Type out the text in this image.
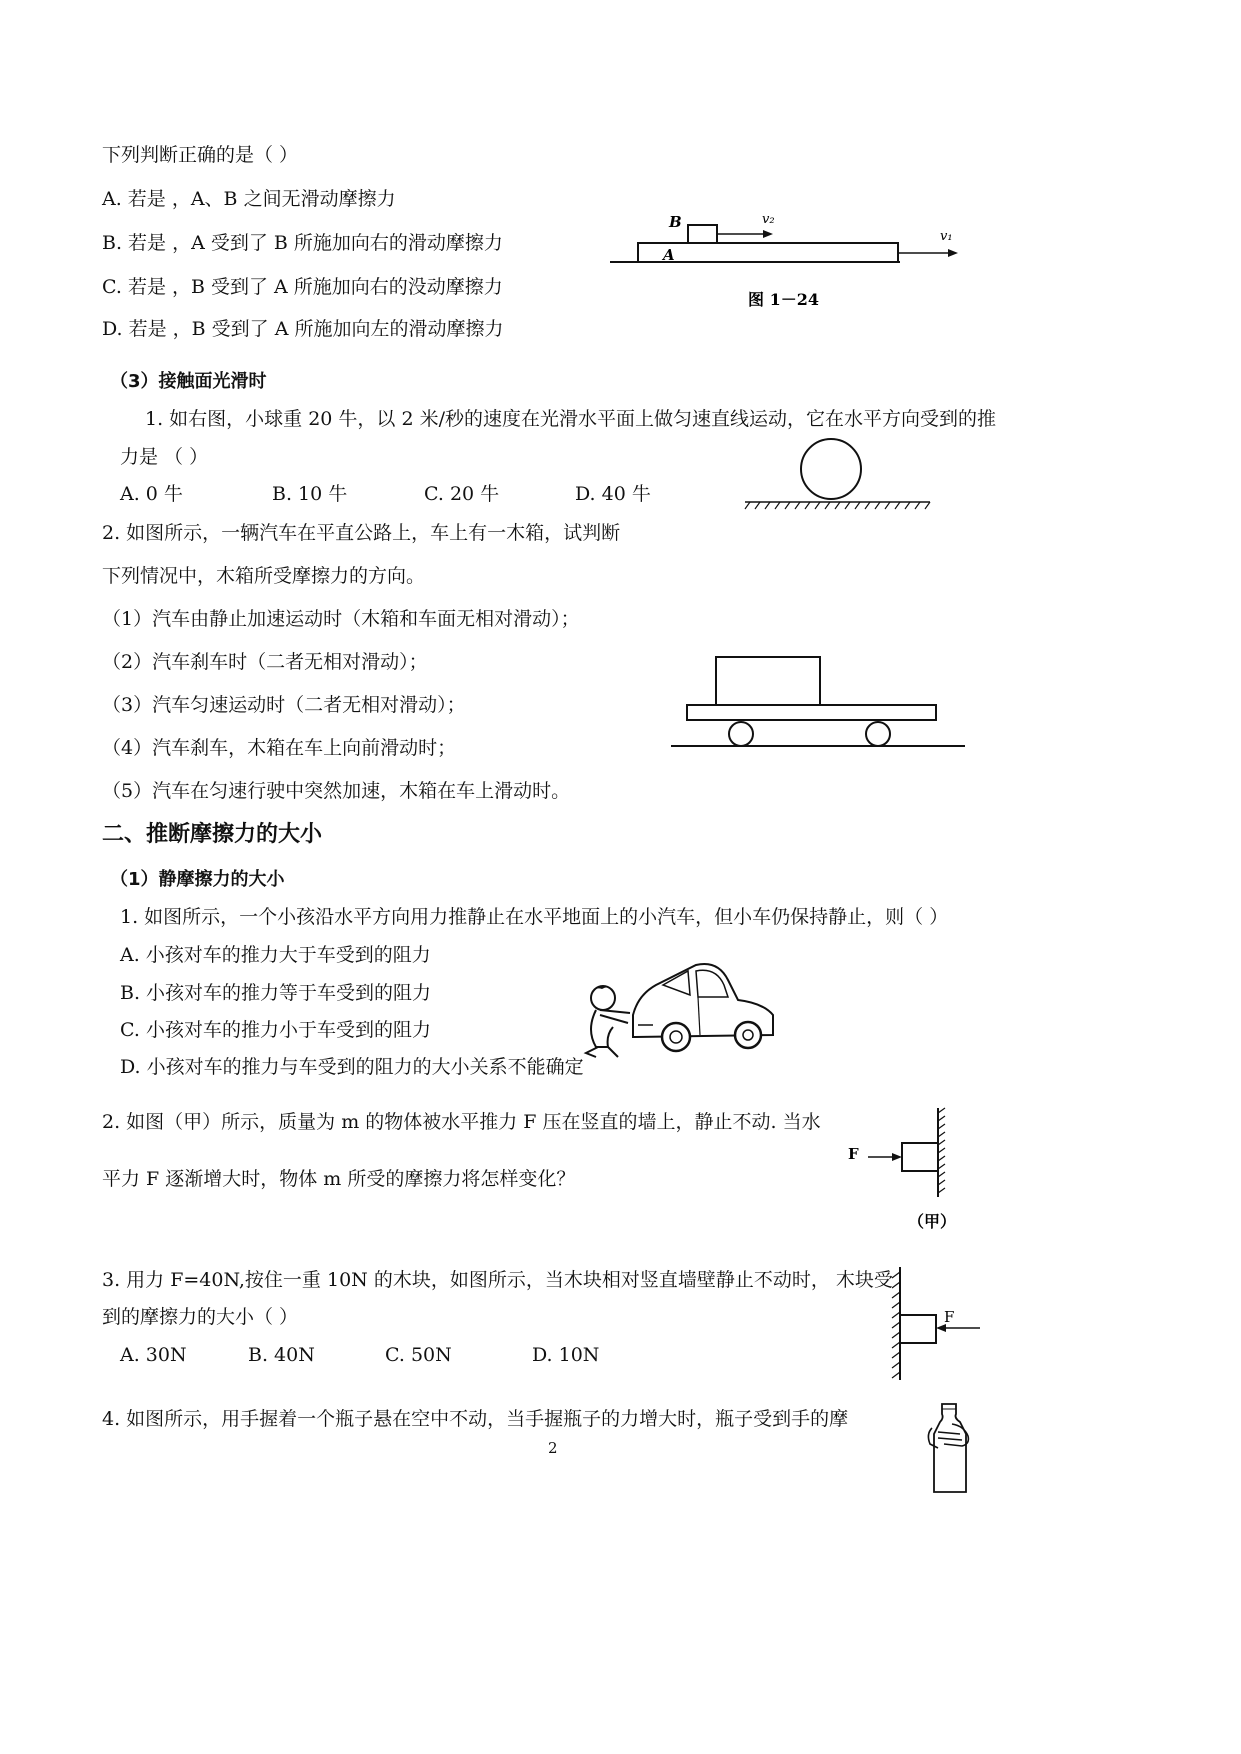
下列判断正确的是（ ）
A. 若是 ，A、B 之间无滑动摩擦力
B. 若是 ，A 受到了 B 所施加向右的滑动摩擦力
C. 若是 ，B 受到了 A 所施加向右的没动摩擦力
D. 若是 ，B 受到了 A 所施加向左的滑动摩擦力
B
A
v₂
v₁
图 1－24
（3）接触面光滑时
1. 如右图，小球重 20 牛，以 2 米/秒的速度在光滑水平面上做匀速直线运动，它在水平方向受到的推
力是 （ ）
A. 0 牛	B. 10 牛	C. 20 牛	D. 40 牛
2. 如图所示，一辆汽车在平直公路上，车上有一木箱，试判断
下列情况中，木箱所受摩擦力的方向。
（1）汽车由静止加速运动时（木箱和车面无相对滑动）；
（2）汽车刹车时（二者无相对滑动）；
（3）汽车匀速运动时（二者无相对滑动）；
（4）汽车刹车，木箱在车上向前滑动时；
（5）汽车在匀速行驶中突然加速，木箱在车上滑动时。
二、推断摩擦力的大小
（1）静摩擦力的大小
1. 如图所示，一个小孩沿水平方向用力推静止在水平地面上的小汽车，但小车仍保持静止，则（ ）
A. 小孩对车的推力大于车受到的阻力
B. 小孩对车的推力等于车受到的阻力
C. 小孩对车的推力小于车受到的阻力
D. 小孩对车的推力与车受到的阻力的大小关系不能确定
2. 如图（甲）所示，质量为 m 的物体被水平推力 F 压在竖直的墙上，静止不动. 当水
平力 F 逐渐增大时，物体 m 所受的摩擦力将怎样变化？
F
（甲）
3. 用力 F=40N,按住一重 10N 的木块，如图所示，当木块相对竖直墙壁静止不动时， 木块受
到的摩擦力的大小（ ）
A. 30N	B. 40N	C. 50N	D. 10N
F
4. 如图所示，用手握着一个瓶子悬在空中不动，当手握瓶子的力增大时，瓶子受到手的摩
2
